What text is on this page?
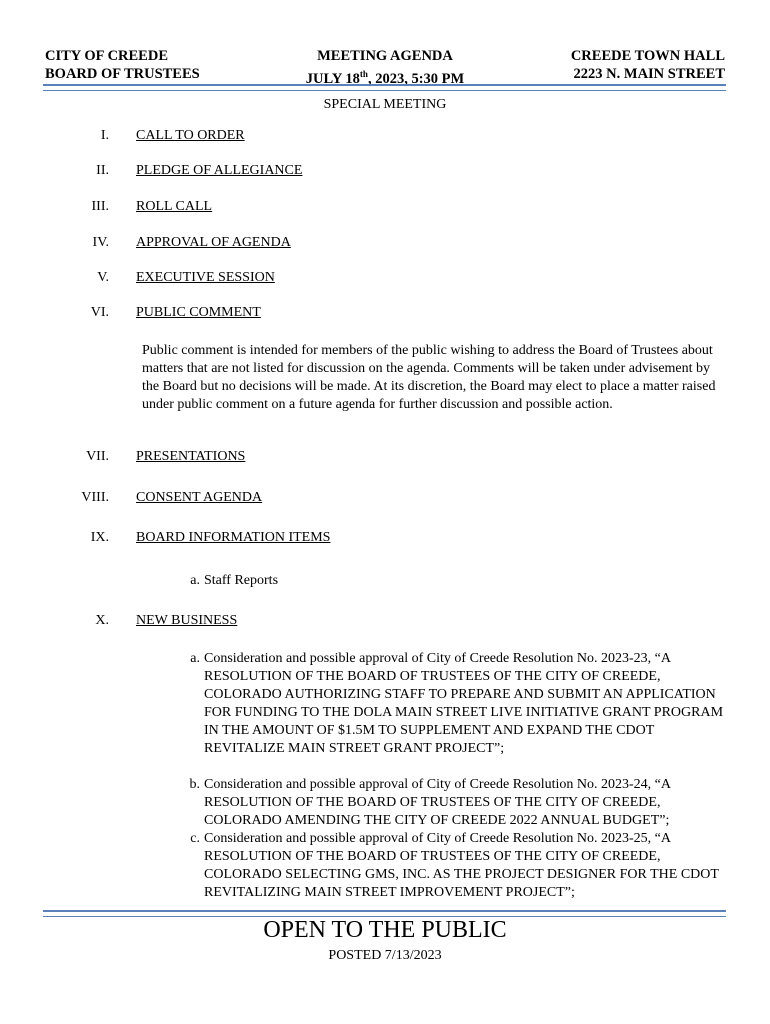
CITY OF CREEDE
BOARD OF TRUSTEES
MEETING AGENDA
JULY 18th, 2023, 5:30 PM
CREEDE TOWN HALL
2223 N. MAIN STREET
SPECIAL MEETING
I. CALL TO ORDER
II. PLEDGE OF ALLEGIANCE
III. ROLL CALL
IV. APPROVAL OF AGENDA
V. EXECUTIVE SESSION
VI. PUBLIC COMMENT
Public comment is intended for members of the public wishing to address the Board of Trustees about matters that are not listed for discussion on the agenda. Comments will be taken under advisement by the Board but no decisions will be made. At its discretion, the Board may elect to place a matter raised under public comment on a future agenda for further discussion and possible action.
VII. PRESENTATIONS
VIII. CONSENT AGENDA
IX. BOARD INFORMATION ITEMS
a. Staff Reports
X. NEW BUSINESS
a. Consideration and possible approval of City of Creede Resolution No. 2023-23, “A RESOLUTION OF THE BOARD OF TRUSTEES OF THE CITY OF CREEDE, COLORADO AUTHORIZING STAFF TO PREPARE AND SUBMIT AN APPLICATION FOR FUNDING TO THE DOLA MAIN STREET LIVE INITIATIVE GRANT PROGRAM IN THE AMOUNT OF $1.5M TO SUPPLEMENT AND EXPAND THE CDOT REVITALIZE MAIN STREET GRANT PROJECT”;
b. Consideration and possible approval of City of Creede Resolution No. 2023-24, “A RESOLUTION OF THE BOARD OF TRUSTEES OF THE CITY OF CREEDE, COLORADO AMENDING THE CITY OF CREEDE 2022 ANNUAL BUDGET”;
c. Consideration and possible approval of City of Creede Resolution No. 2023-25, “A RESOLUTION OF THE BOARD OF TRUSTEES OF THE CITY OF CREEDE, COLORADO SELECTING GMS, INC. AS THE PROJECT DESIGNER FOR THE CDOT REVITALIZING MAIN STREET IMPROVEMENT PROJECT”;
OPEN TO THE PUBLIC
POSTED 7/13/2023
